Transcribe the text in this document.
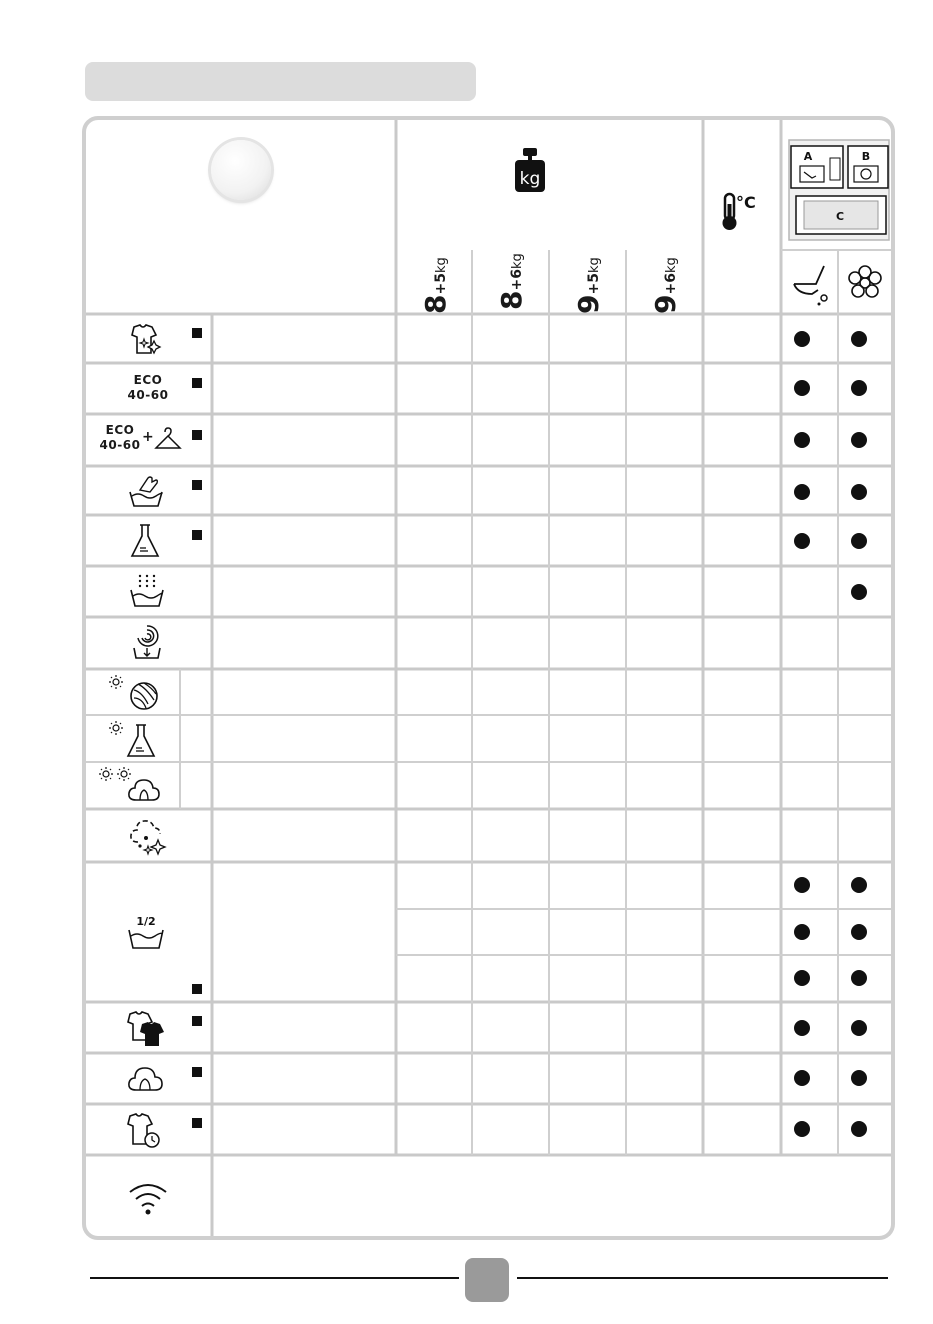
kg
°C
A	B
C
8+5kg
8+6kg
9+5kg
9+6kg
ECO
40-60
ECO
40-60 +
1/2
